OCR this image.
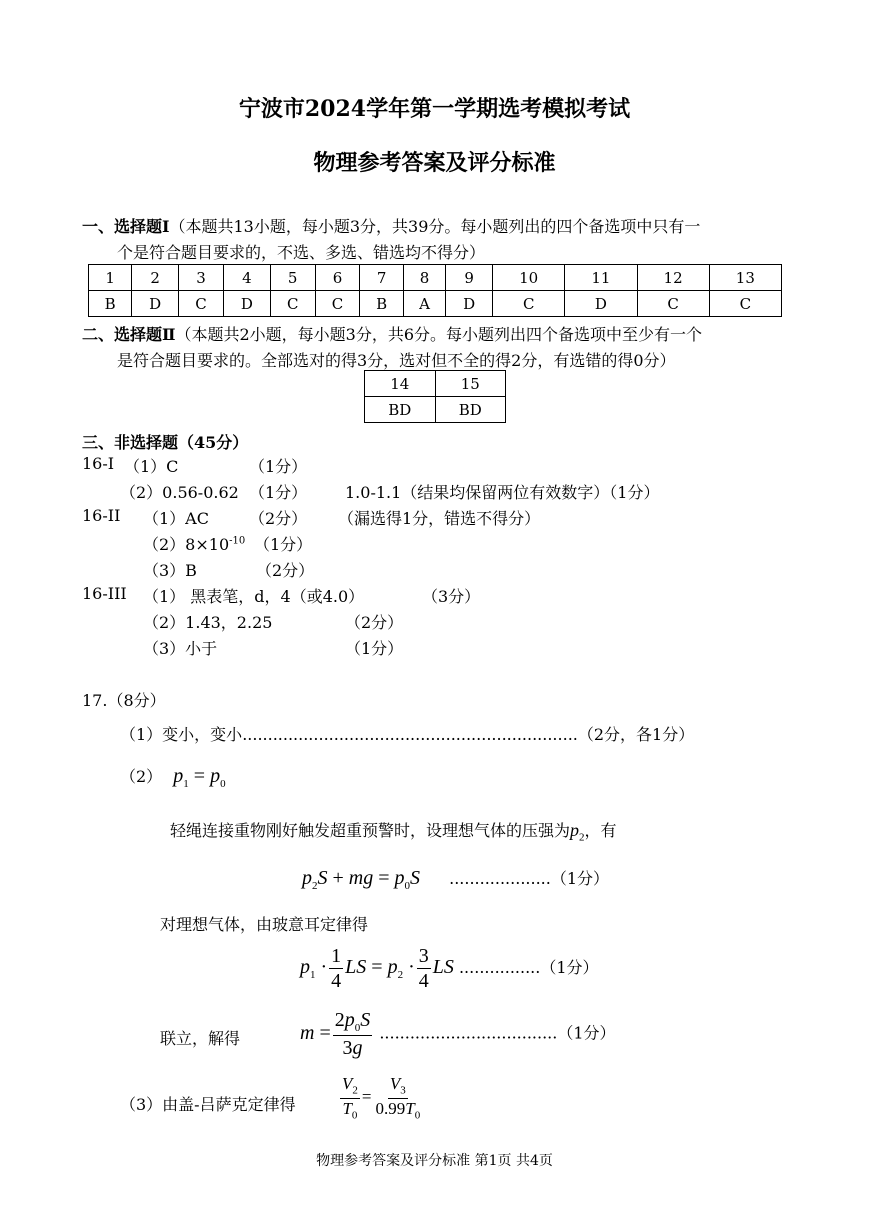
宁波市2024学年第一学期选考模拟考试
物理参考答案及评分标准
一、选择题Ⅰ（本题共13小题，每小题3分，共39分。每小题列出的四个备选项中只有一
个是符合题目要求的，不选、多选、错选均不得分）
1	2	3	4	5	6	7	8	9	10	11	12	13
B	D	C	D	C	C	B	A	D	C	D	C	C
二、选择题Ⅱ（本题共2小题，每小题3分，共6分。每小题列出四个备选项中至少有一个
是符合题目要求的。全部选对的得3分，选对但不全的得2分，有选错的得0分）
14	15
BD	BD
三、非选择题（45分）
16-I （1）C	（1分）
（2）0.56-0.62 （1分） 1.0-1.1（结果均保留两位有效数字）（1分）
16-II （1）AC	（2分） （漏选得1分，错选不得分）
$(2)8\times 10^{-10}$ （1分）
（3）B	（2分）
16-III （1） 黑表笔，d，4（或4.0）	（3分）
（2）1.43，2.25	（2分）
（3）小于	（1分）
17.（8分）
（1）变小，变小..................................................................（2分，各1分）
（2） $p_1 = p_0$
轻绳连接重物刚好触发超重预警时，设理想气体的压强为$p_2$，有
$p_2S$ + mg = $p_0S$ ....................（1分）
对理想气体，由玻意耳定律得
$p_1 \cdot \frac{1}{4}$ LS = $p_2 \cdot \frac{3}{4}$ LS ................（1分）
联立，解得	$m = \frac{2p_0S}{3g} ...................................(1$分）
（3）由盖-吕萨克定律得	$\frac{V_2}{T_0} = \frac{V_3}{0.99T_0}$
物理参考答案及评分标准 第1页 共4页
